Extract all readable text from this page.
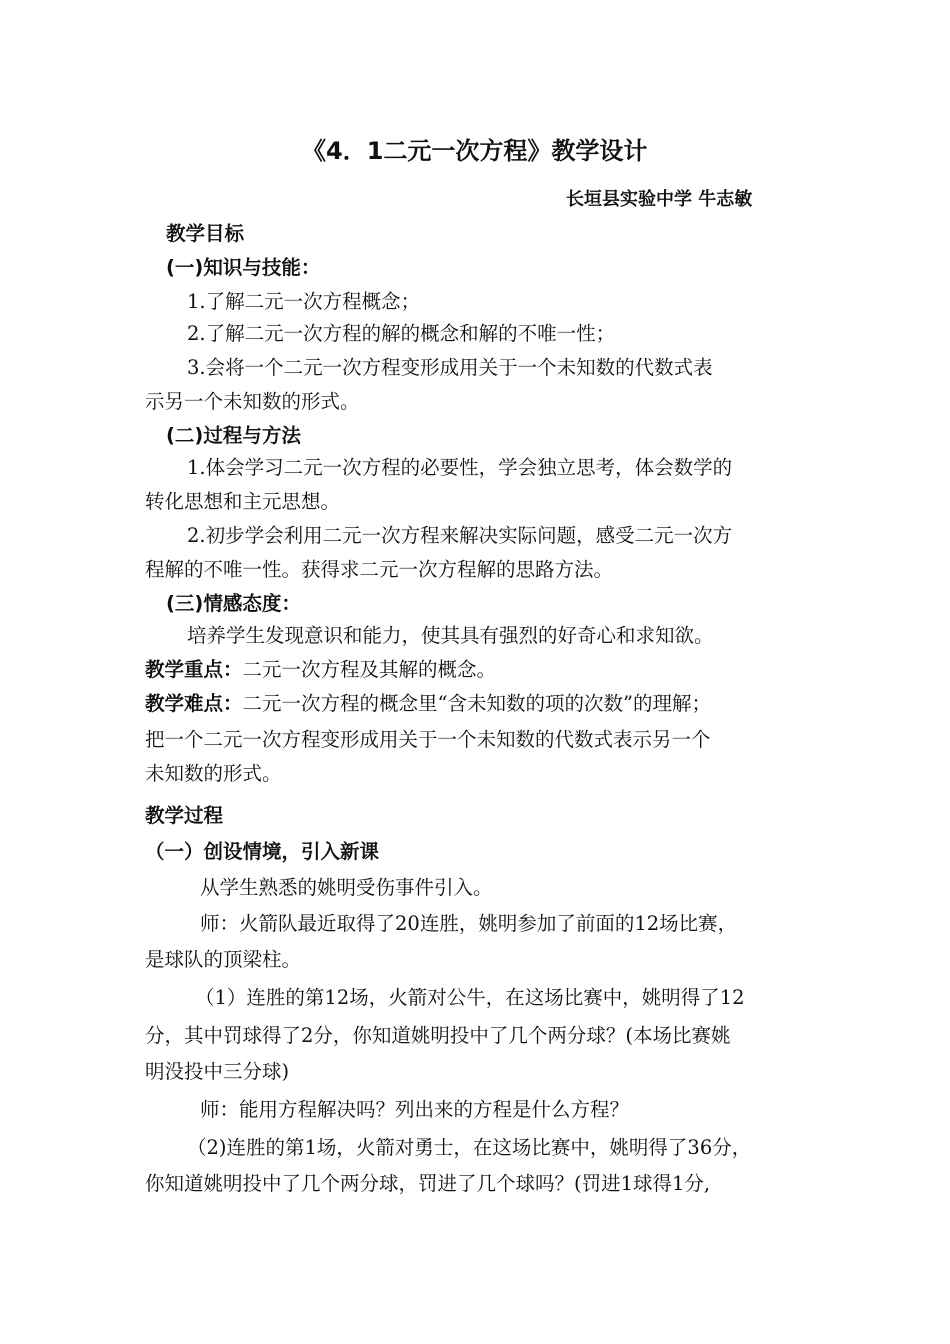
《4．1二元一次方程》教学设计
长垣县实验中学 牛志敏
教学目标
(一)知识与技能：
1.了解二元一次方程概念；
2.了解二元一次方程的解的概念和解的不唯一性；
3.会将一个二元一次方程变形成用关于一个未知数的代数式表
示另一个未知数的形式。
(二)过程与方法
1.体会学习二元一次方程的必要性，学会独立思考，体会数学的
转化思想和主元思想。
2.初步学会利用二元一次方程来解决实际问题，感受二元一次方
程解的不唯一性。获得求二元一次方程解的思路方法。
(三)情感态度：
培养学生发现意识和能力，使其具有强烈的好奇心和求知欲。
教学重点：二元一次方程及其解的概念。
教学难点：二元一次方程的概念里“含未知数的项的次数”的理解；
把一个二元一次方程变形成用关于一个未知数的代数式表示另一个
未知数的形式。
教学过程
（一）创设情境，引入新课
从学生熟悉的姚明受伤事件引入。
师：火箭队最近取得了20连胜，姚明参加了前面的12场比赛，
是球队的顶梁柱。
（1）连胜的第12场，火箭对公牛，在这场比赛中，姚明得了12
分，其中罚球得了2分，你知道姚明投中了几个两分球？(本场比赛姚
明没投中三分球)
师：能用方程解决吗？列出来的方程是什么方程？
（2)连胜的第1场，火箭对勇士，在这场比赛中，姚明得了36分，
你知道姚明投中了几个两分球，罚进了几个球吗？(罚进1球得1分,
